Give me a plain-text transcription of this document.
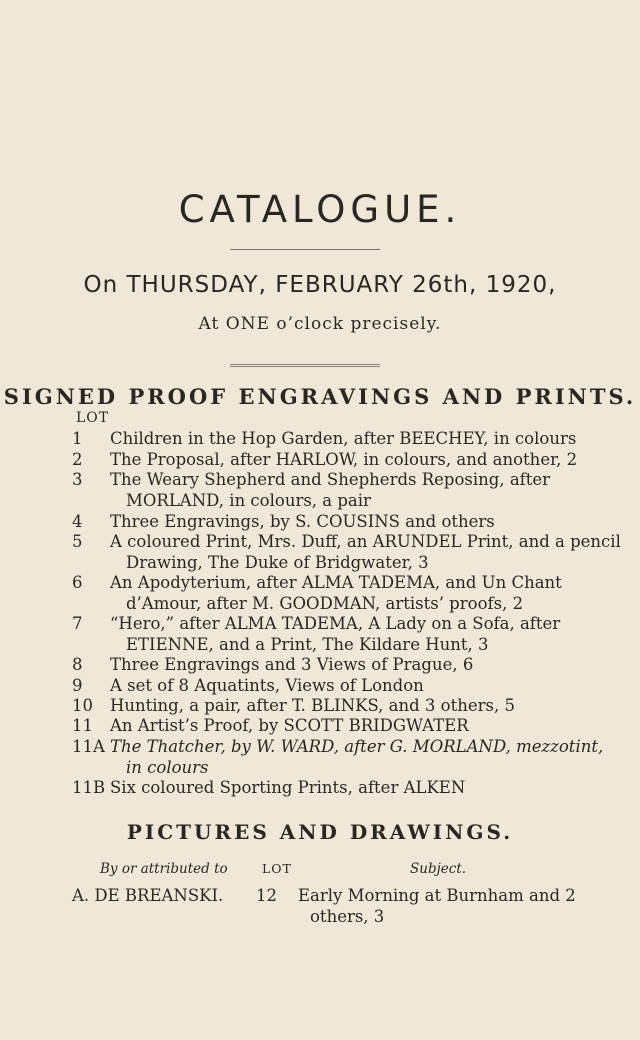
CATALOGUE.
On THURSDAY, FEBRUARY 26th, 1920,
At ONE o’clock precisely.
SIGNED PROOF ENGRAVINGS AND PRINTS.
LOT
1	Children in the Hop Garden, after BEECHEY, in colours
2	The Proposal, after HARLOW, in colours, and another, 2
3	The Weary Shepherd and Shepherds Reposing, after
MORLAND, in colours, a pair
4	Three Engravings, by S. COUSINS and others
5	A coloured Print, Mrs. Duff, an ARUNDEL Print, and a pencil
Drawing, The Duke of Bridgwater, 3
6	An Apodyterium, after ALMA TADEMA, and Un Chant
d’Amour, after M. GOODMAN, artists’ proofs, 2
7	“Hero,” after ALMA TADEMA, A Lady on a Sofa, after
ETIENNE, and a Print, The Kildare Hunt, 3
8	Three Engravings and 3 Views of Prague, 6
9	A set of 8 Aquatints, Views of London
10	Hunting, a pair, after T. BLINKS, and 3 others, 5
11	An Artist’s Proof, by SCOTT BRIDGWATER
11A The Thatcher, by W. WARD, after G. MORLAND, mezzotint,
in colours
11B Six coloured Sporting Prints, after ALKEN
PICTURES AND DRAWINGS.
By or attributed to	LOT	Subject.
A. DE BREANSKI. 12 Early Morning at Burnham and 2
others, 3
